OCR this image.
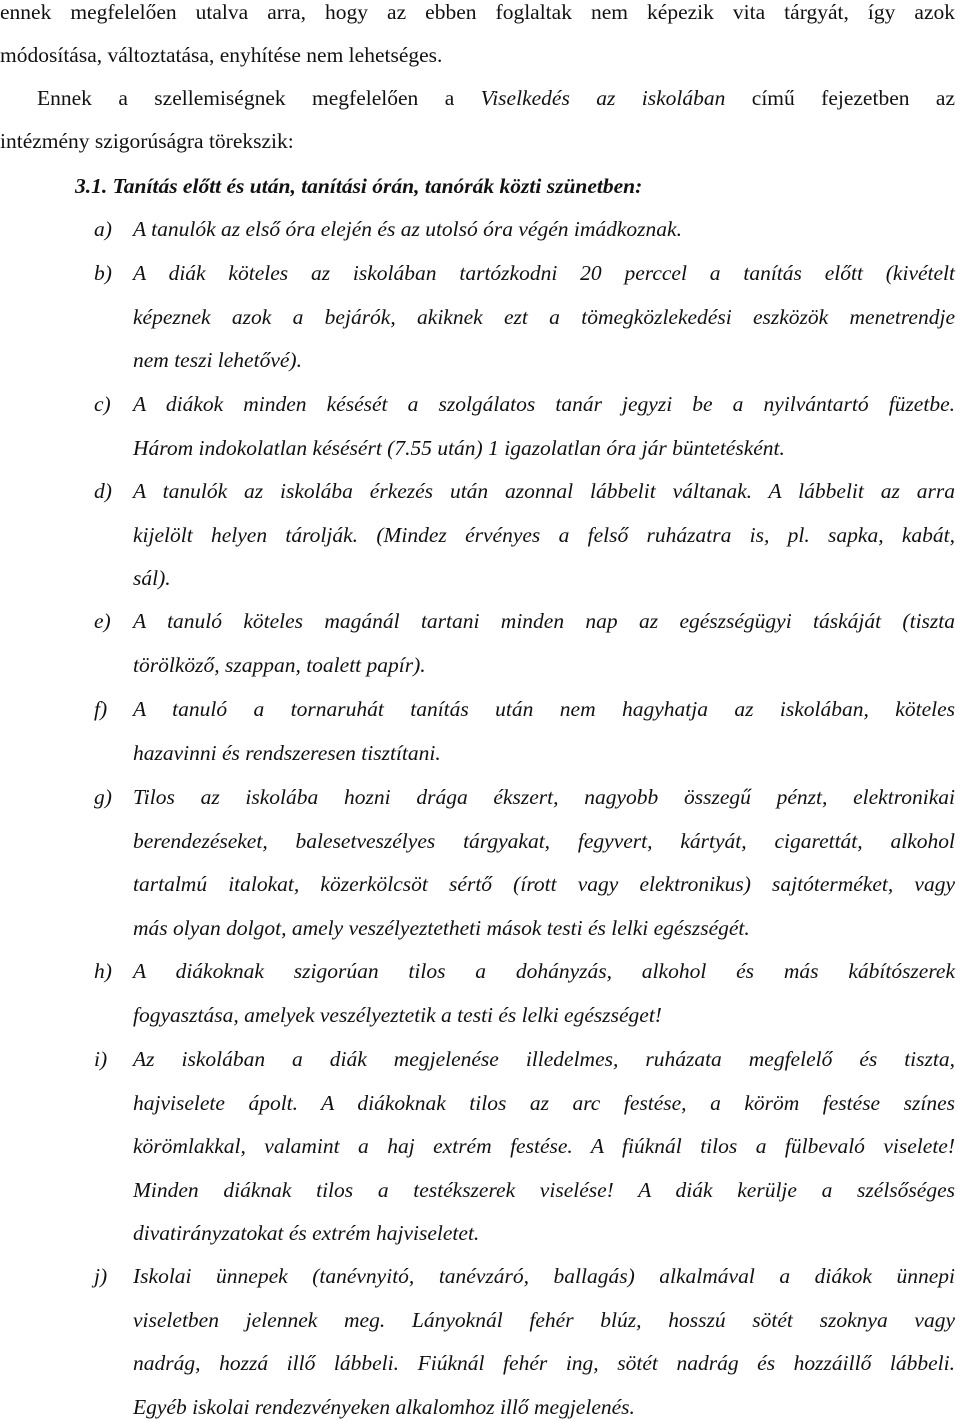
ennek megfelelően utalva arra, hogy az ebben foglaltak nem képezik vita tárgyát, így azok
módosítása, változtatása, enyhítése nem lehetséges.
Ennek a szellemiségnek megfelelően a Viselkedés az iskolában című fejezetben az
intézmény szigorúságra törekszik:
3.1. Tanítás előtt és után, tanítási órán, tanórák közti szünetben:
a) A tanulók az első óra elején és az utolsó óra végén imádkoznak.
b) A diák köteles az iskolában tartózkodni 20 perccel a tanítás előtt (kivételt
képeznek azok a bejárók, akiknek ezt a tömegközlekedési eszközök menetrendje
nem teszi lehetővé).
c) A diákok minden késését a szolgálatos tanár jegyzi be a nyilvántartó füzetbe.
Három indokolatlan késésért (7.55 után) 1 igazolatlan óra jár büntetésként.
d) A tanulók az iskolába érkezés után azonnal lábbelit váltanak. A lábbelit az arra
kijelölt helyen tárolják. (Mindez érvényes a felső ruházatra is, pl. sapka, kabát,
sál).
e) A tanuló köteles magánál tartani minden nap az egészségügyi táskáját (tiszta
törölköző, szappan, toalett papír).
f) A tanuló a tornaruhát tanítás után nem hagyhatja az iskolában, köteles
hazavinni és rendszeresen tisztítani.
g) Tilos az iskolába hozni drága ékszert, nagyobb összegű pénzt, elektronikai
berendezéseket, balesetveszélyes tárgyakat, fegyvert, kártyát, cigarettát, alkohol
tartalmú italokat, közerkölcsöt sértő (írott vagy elektronikus) sajtóterméket, vagy
más olyan dolgot, amely veszélyeztetheti mások testi és lelki egészségét.
h) A diákoknak szigorúan tilos a dohányzás, alkohol és más kábítószerek
fogyasztása, amelyek veszélyeztetik a testi és lelki egészséget!
i) Az iskolában a diák megjelenése illedelmes, ruházata megfelelő és tiszta,
hajviselete ápolt. A diákoknak tilos az arc festése, a köröm festése színes
körömlakkal, valamint a haj extrém festése. A fiúknál tilos a fülbevaló viselete!
Minden diáknak tilos a testékszerek viselése! A diák kerülje a szélsőséges
divatirányzatokat és extrém hajviseletet.
j) Iskolai ünnepek (tanévnyitó, tanévzáró, ballagás) alkalmával a diákok ünnepi
viseletben jelennek meg. Lányoknál fehér blúz, hosszú sötét szoknya vagy
nadrág, hozzá illő lábbeli. Fiúknál fehér ing, sötét nadrág és hozzáillő lábbeli.
Egyéb iskolai rendezvényeken alkalomhoz illő megjelenés.
